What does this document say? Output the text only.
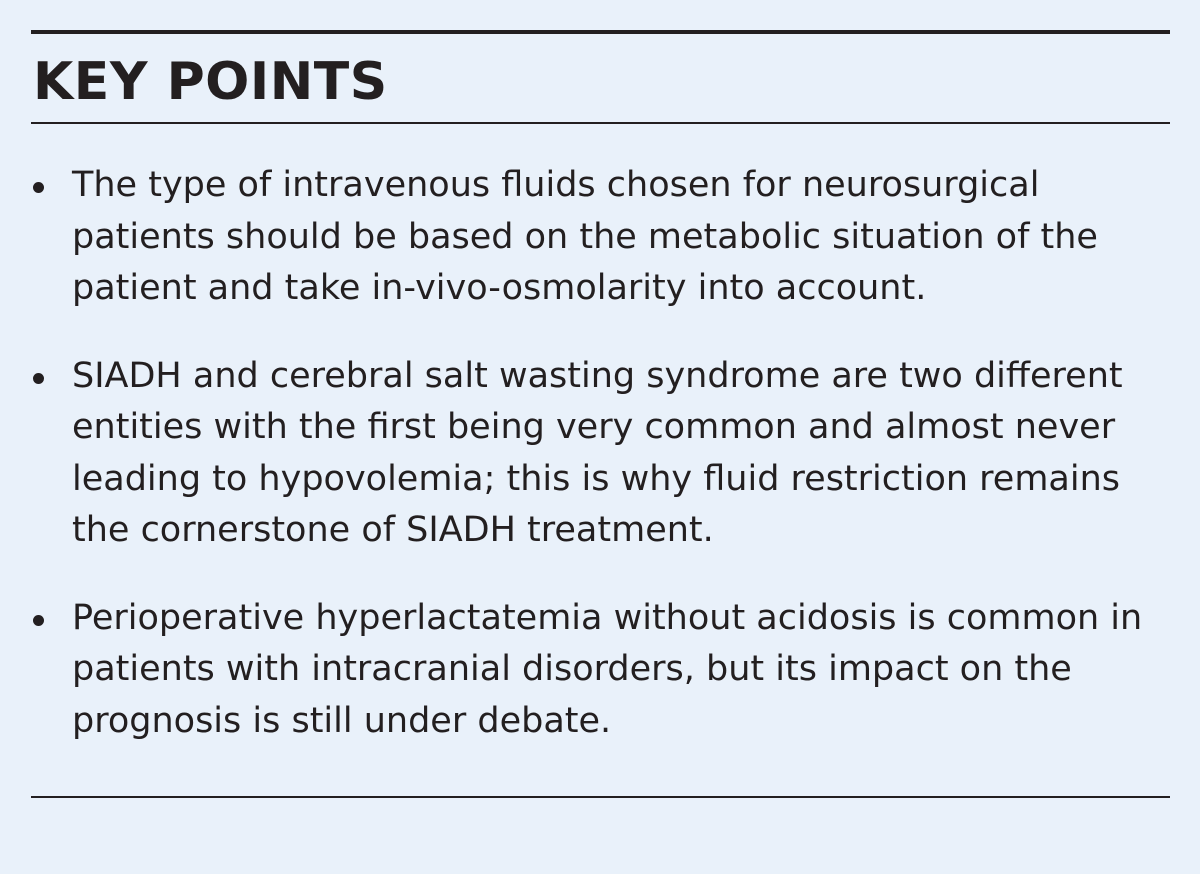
KEY POINTS
The type of intravenous fluids chosen for neurosurgical patients should be based on the metabolic situation of the patient and take in-vivo-osmolarity into account.
SIADH and cerebral salt wasting syndrome are two different entities with the first being very common and almost never leading to hypovolemia; this is why fluid restriction remains the cornerstone of SIADH treatment.
Perioperative hyperlactatemia without acidosis is common in patients with intracranial disorders, but its impact on the prognosis is still under debate.
